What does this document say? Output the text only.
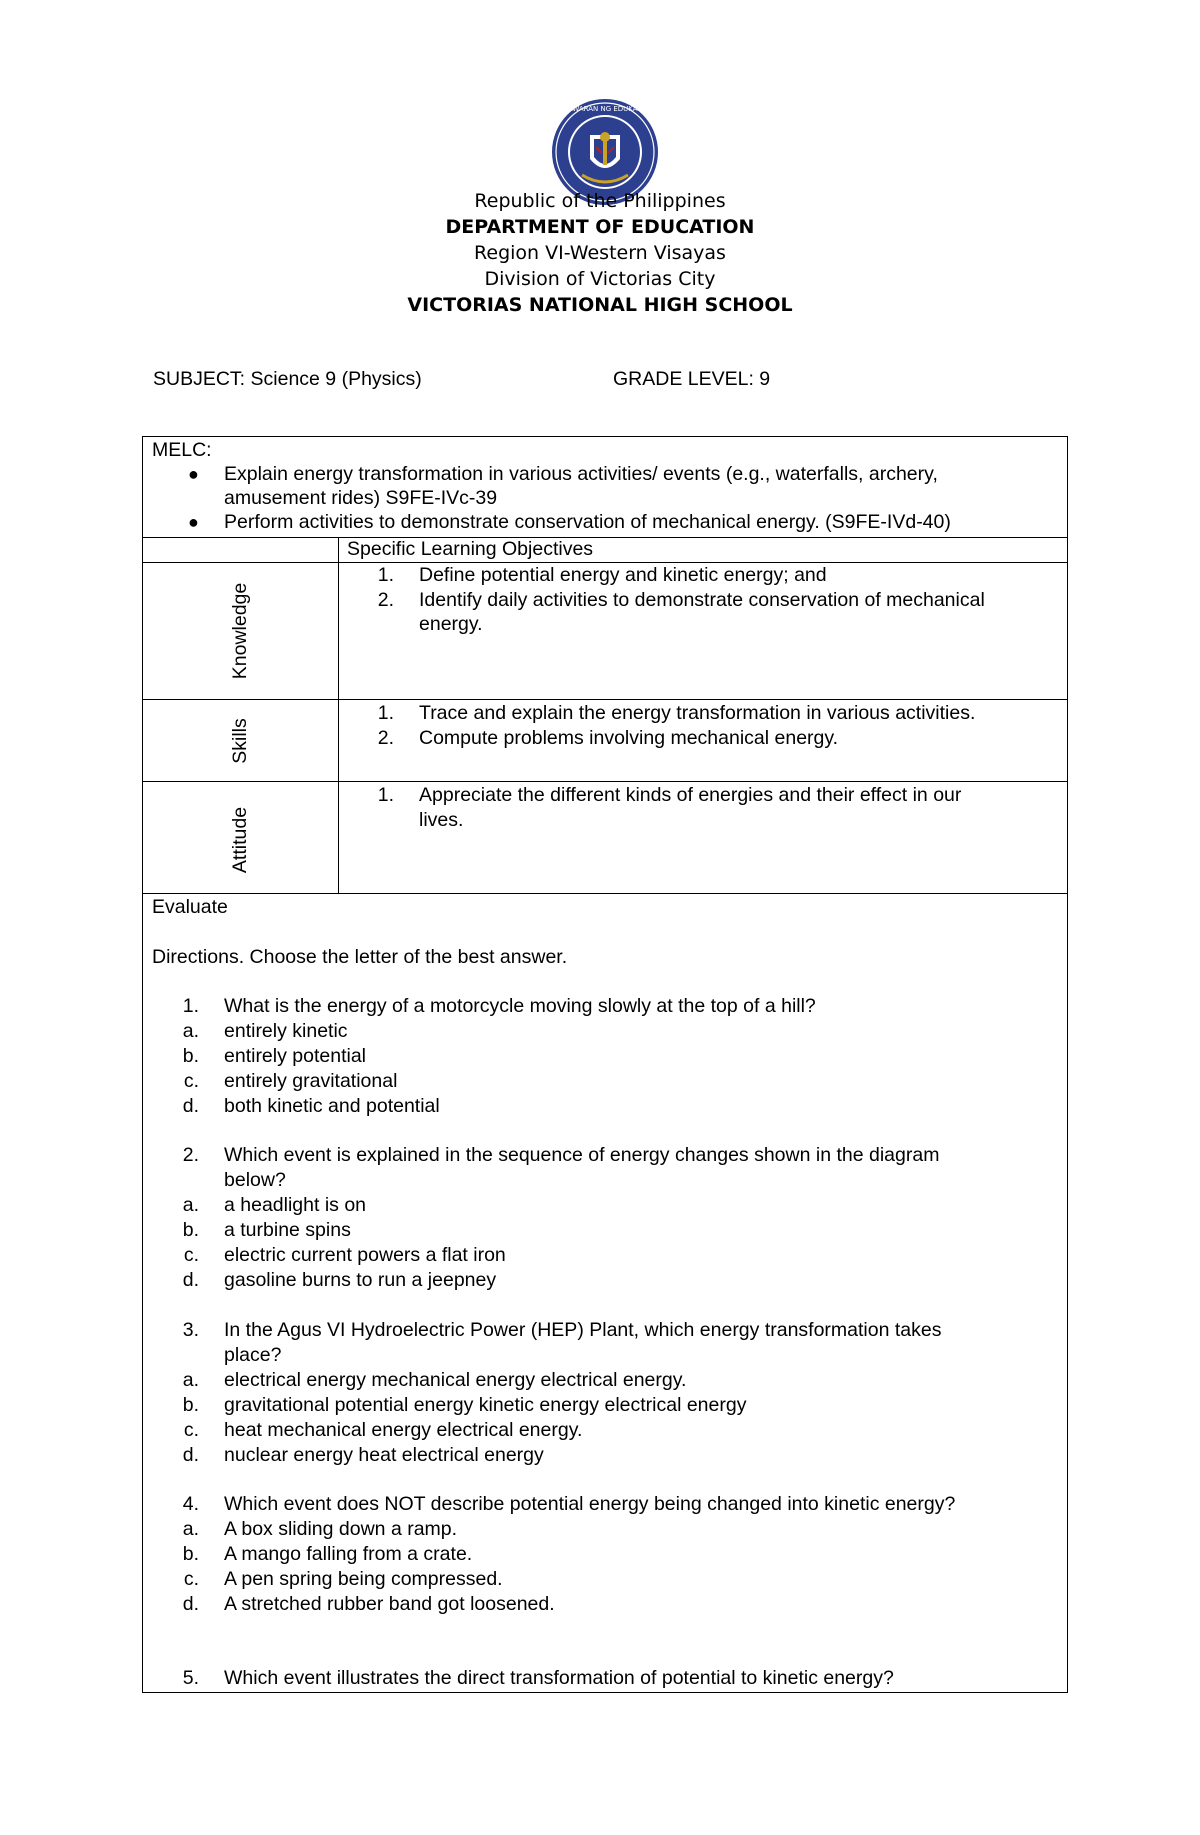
KAGAWARAN NG EDUKASYON
Republic of the Philippines
DEPARTMENT OF EDUCATION
Region VI-Western Visayas
Division of Victorias City
VICTORIAS NATIONAL HIGH SCHOOL
SUBJECT: Science 9 (Physics)	GRADE LEVEL: 9
MELC:
● Explain energy transformation in various activities/ events (e.g., waterfalls, archery,
amusement rides) S9FE-IVc-39
● Perform activities to demonstrate conservation of mechanical energy. (S9FE-IVd-40)
Specific Learning Objectives
Knowledge
1. Define potential energy and kinetic energy; and
2. Identify daily activities to demonstrate conservation of mechanical
energy.
Skills
1. Trace and explain the energy transformation in various activities.
2. Compute problems involving mechanical energy.
Attitude
1. Appreciate the different kinds of energies and their effect in our
lives.
Evaluate
Directions. Choose the letter of the best answer.
1. What is the energy of a motorcycle moving slowly at the top of a hill?
a. entirely kinetic
b. entirely potential
c. entirely gravitational
d. both kinetic and potential
2. Which event is explained in the sequence of energy changes shown in the diagram
below?
a. a headlight is on
b. a turbine spins
c. electric current powers a flat iron
d. gasoline burns to run a jeepney
3. In the Agus VI Hydroelectric Power (HEP) Plant, which energy transformation takes
place?
a. electrical energy mechanical energy electrical energy.
b. gravitational potential energy kinetic energy electrical energy
c. heat mechanical energy electrical energy.
d. nuclear energy heat electrical energy
4. Which event does NOT describe potential energy being changed into kinetic energy?
a. A box sliding down a ramp.
b. A mango falling from a crate.
c. A pen spring being compressed.
d. A stretched rubber band got loosened.
5. Which event illustrates the direct transformation of potential to kinetic energy?
